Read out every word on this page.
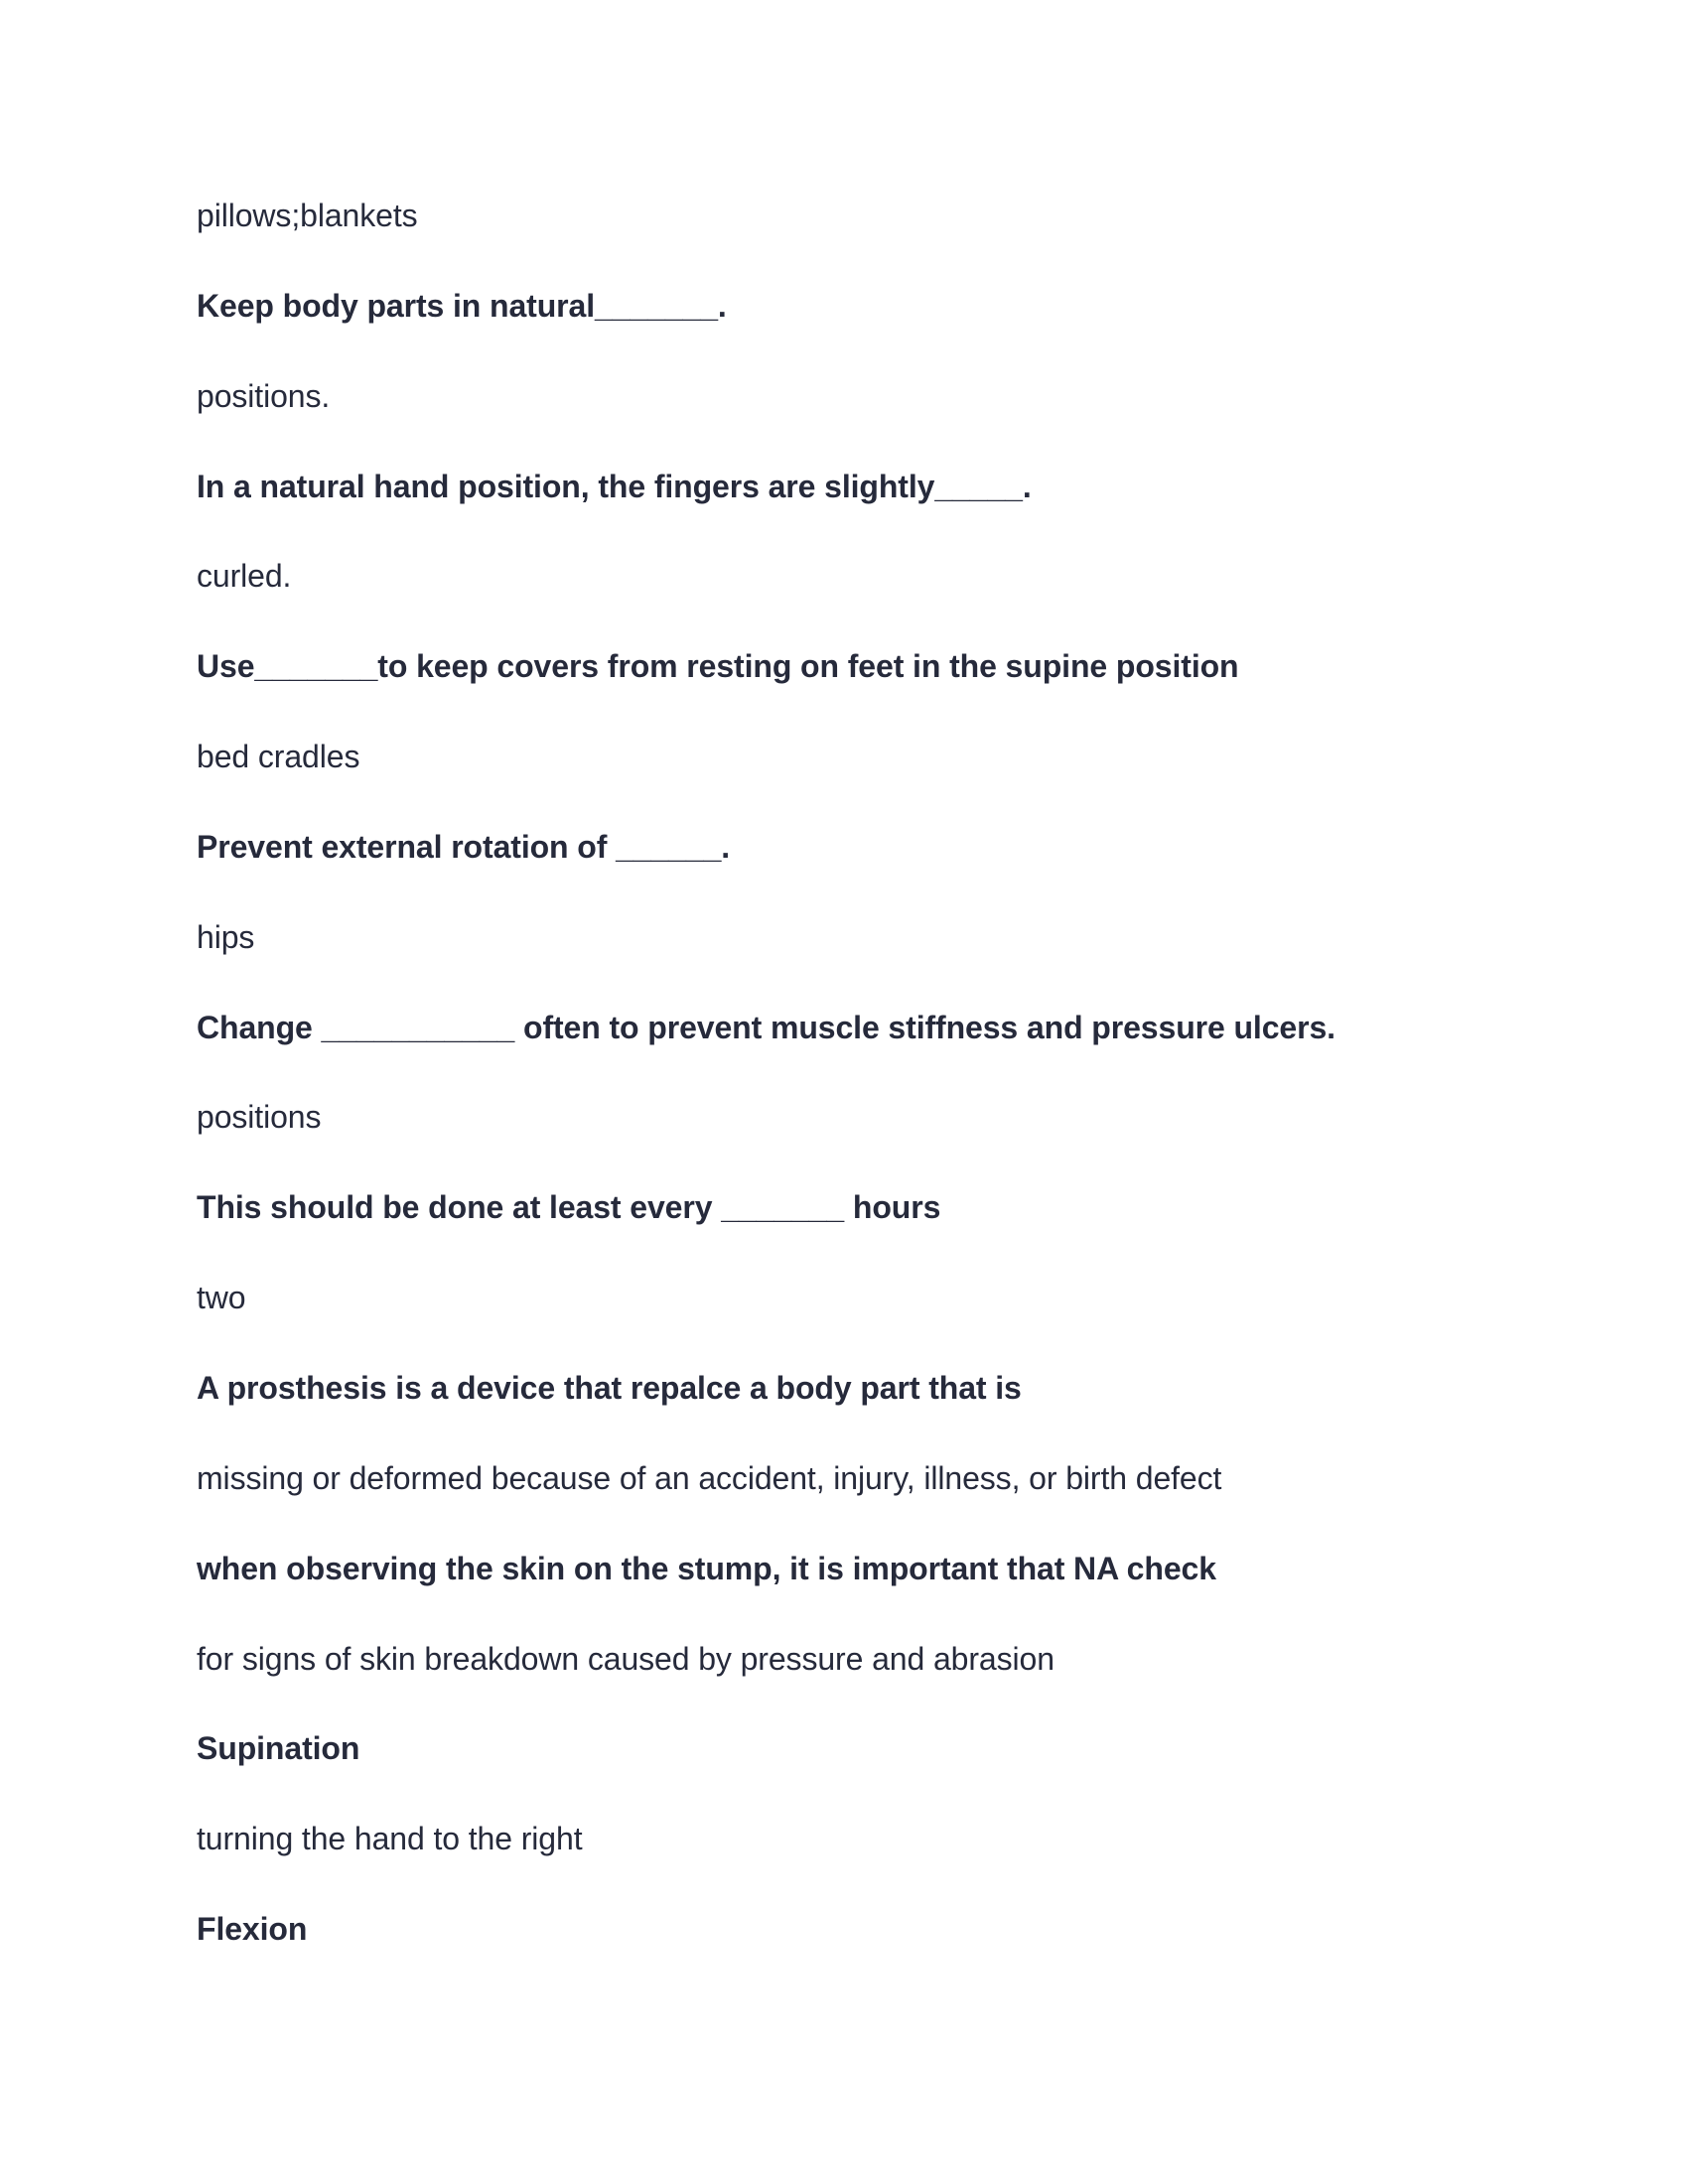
pillows;blankets

Keep body parts in natural_______.

positions.

In a natural hand position, the fingers are slightly_____.

curled.

Use_______to keep covers from resting on feet in the supine position

bed cradles

Prevent external rotation of ______.

hips

Change ___________ often to prevent muscle stiffness and pressure ulcers.

positions

This should be done at least every _______ hours

two

A prosthesis is a device that repalce a body part that is

missing or deformed because of an accident, injury, illness, or birth defect

when observing the skin on the stump, it is important that NA check

for signs of skin breakdown caused by pressure and abrasion

Supination

turning the hand to the right

Flexion
